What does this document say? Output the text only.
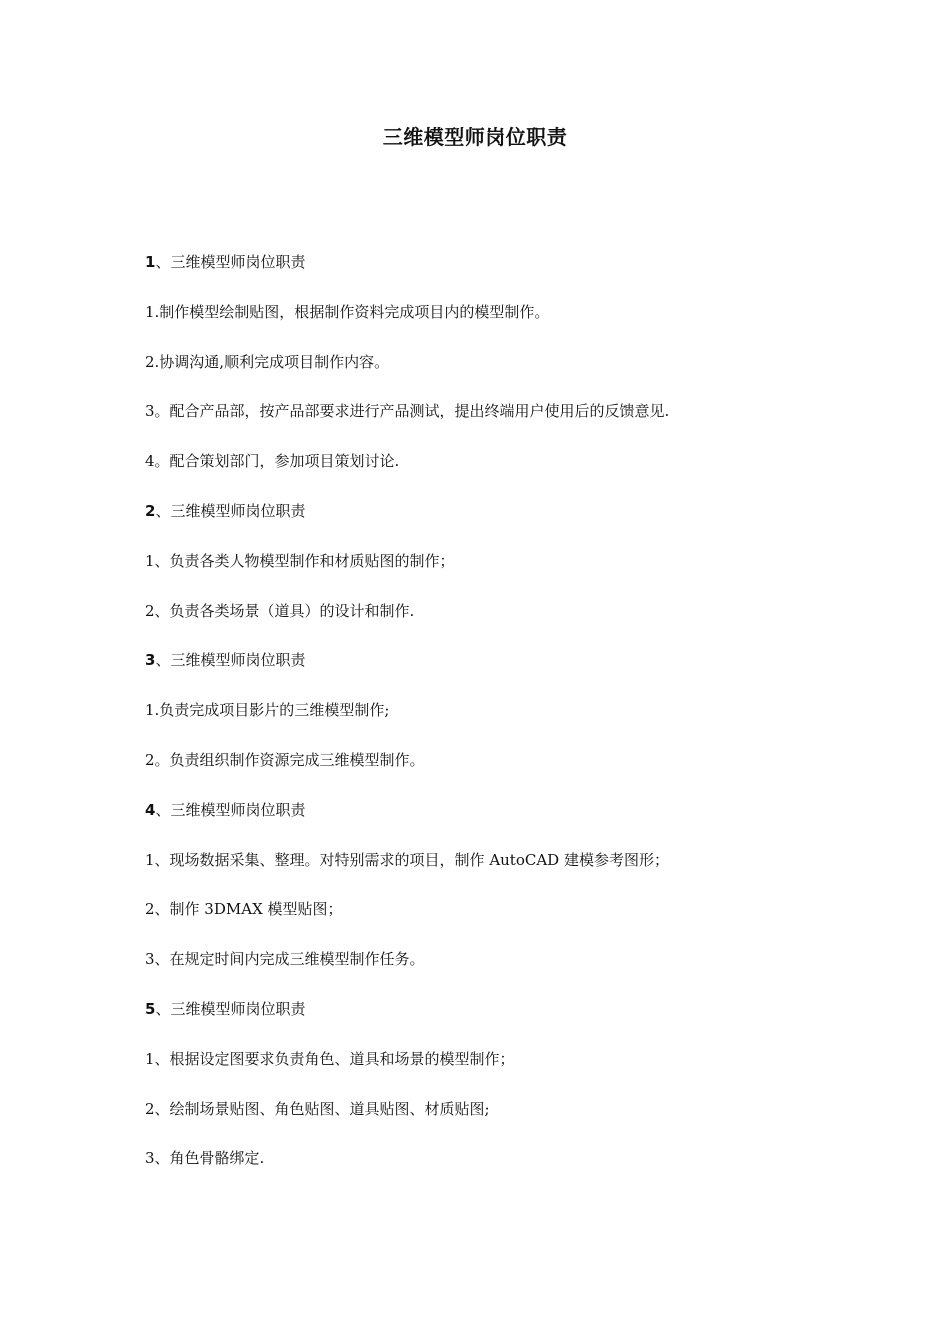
三维模型师岗位职责

1、三维模型师岗位职责

1.制作模型绘制贴图，根据制作资料完成项目内的模型制作。

2.协调沟通,顺利完成项目制作内容。

3。配合产品部，按产品部要求进行产品测试，提出终端用户使用后的反馈意见.

4。配合策划部门，参加项目策划讨论.

2、三维模型师岗位职责

1、负责各类人物模型制作和材质贴图的制作；

2、负责各类场景（道具）的设计和制作.

3、三维模型师岗位职责

1.负责完成项目影片的三维模型制作;

2。负责组织制作资源完成三维模型制作。

4、三维模型师岗位职责

1、现场数据采集、整理。对特别需求的项目，制作 AutoCAD 建模参考图形；

2、制作 3DMAX 模型贴图；

3、在规定时间内完成三维模型制作任务。

5、三维模型师岗位职责

1、根据设定图要求负责角色、道具和场景的模型制作；

2、绘制场景贴图、角色贴图、道具贴图、材质贴图;

3、角色骨骼绑定.
